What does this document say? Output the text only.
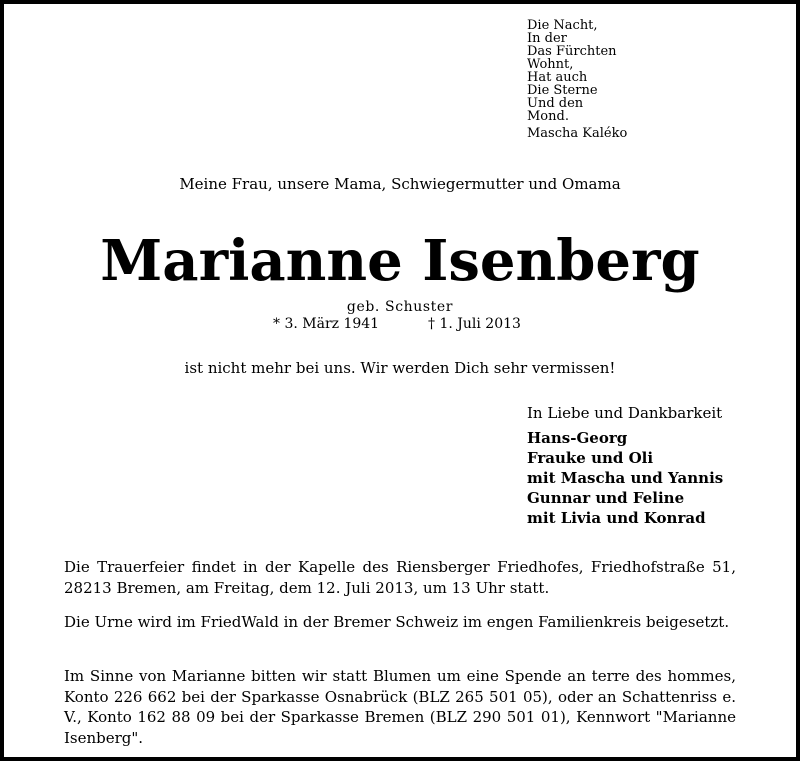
Die Nacht,
In der
Das Fürchten
Wohnt,
Hat auch
Die Sterne
Und den
Mond.
Mascha Kaléko
Meine Frau, unsere Mama, Schwiegermutter und Omama
Marianne Isenberg
geb. Schuster
* 3. März 1941	† 1. Juli 2013
ist nicht mehr bei uns. Wir werden Dich sehr vermissen!
In Liebe und Dankbarkeit
Hans-Georg
Frauke und Oli
mit Mascha und Yannis
Gunnar und Feline
mit Livia und Konrad
Die Trauerfeier findet in der Kapelle des Riensberger Friedhofes, Friedhofstraße 51, 28213 Bremen, am Freitag, dem 12. Juli 2013, um 13 Uhr statt.
Die Urne wird im FriedWald in der Bremer Schweiz im engen Familienkreis beigesetzt.
Im Sinne von Marianne bitten wir statt Blumen um eine Spende an terre des hommes, Konto 226 662 bei der Sparkasse Osnabrück (BLZ 265 501 05), oder an Schattenriss e. V., Konto 162 88 09 bei der Sparkasse Bremen (BLZ 290 501 01), Kennwort "Marianne Isenberg".
